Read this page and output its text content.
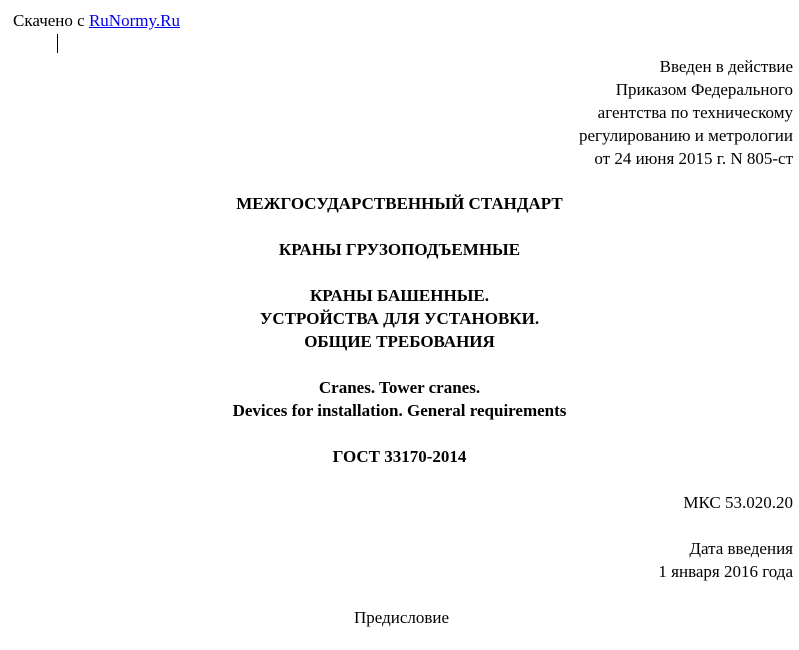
Скачено с RuNormy.Ru
Введен в действие
Приказом Федерального
агентства по техническому
регулированию и метрологии
от 24 июня 2015 г. N 805-ст
МЕЖГОСУДАРСТВЕННЫЙ СТАНДАРТ
КРАНЫ ГРУЗОПОДЪЕМНЫЕ
КРАНЫ БАШЕННЫЕ.
УСТРОЙСТВА ДЛЯ УСТАНОВКИ.
ОБЩИЕ ТРЕБОВАНИЯ
Cranes. Tower cranes.
Devices for installation. General requirements
ГОСТ 33170-2014
МКС 53.020.20
Дата введения
1 января 2016 года
Предисловие
